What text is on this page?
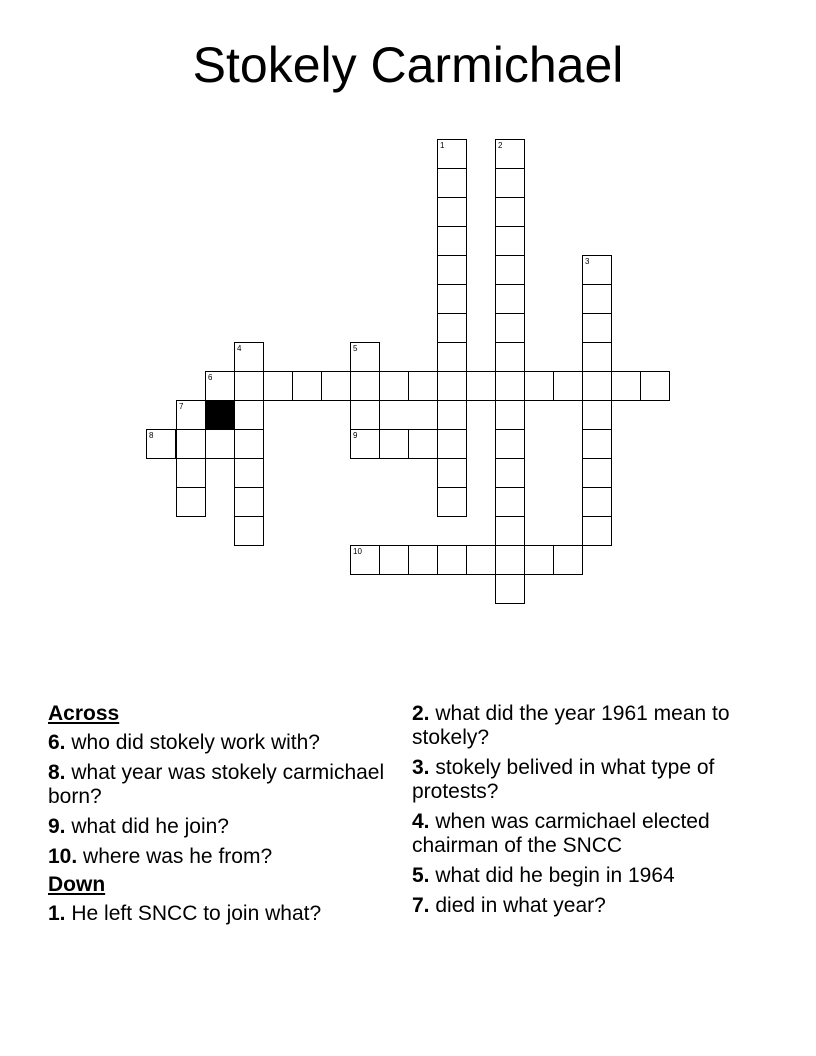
Stokely Carmichael
8
7
6
4	5
9
1	2
3
10
Across
6. who did stokely work with?
8. what year was stokely carmichael born?
9. what did he join?
10. where was he from?
Down
1. He left SNCC to join what?
2. what did the year 1961 mean to stokely?
3. stokely belived in what type of protests?
4. when was carmichael elected chairman of the SNCC
5. what did he begin in 1964
7. died in what year?
